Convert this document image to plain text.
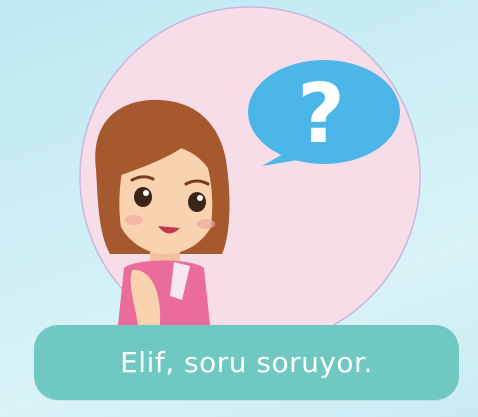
?
Elif, soru soruyor.
